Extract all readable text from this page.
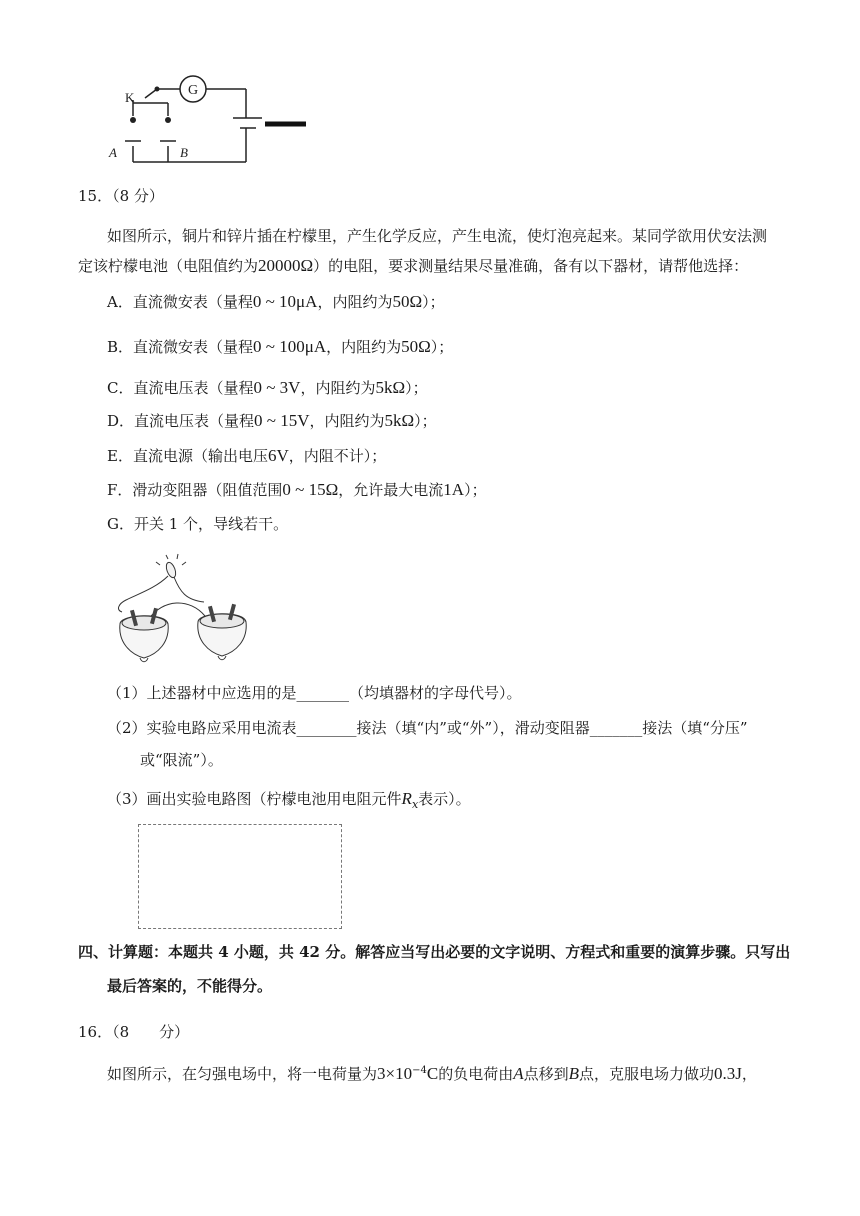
G
K
A	B
15．（8 分）
如图所示，铜片和锌片插在柠檬里，产生化学反应，产生电流，使灯泡亮起来。某同学欲用伏安法测
定该柠檬电池（电阻值约为20000Ω）的电阻，要求测量结果尽量准确，备有以下器材，请帮他选择：
A．直流微安表（量程0 ~ 10μA，内阻约为50Ω）；
B．直流微安表（量程0 ~ 100μA，内阻约为50Ω）；
C．直流电压表（量程0 ~ 3V，内阻约为5kΩ）；
D．直流电压表（量程0 ~ 15V，内阻约为5kΩ）；
E．直流电源（输出电压6V，内阻不计）；
F．滑动变阻器（阻值范围0 ~ 15Ω，允许最大电流1A）；
G．开关 1 个，导线若干。
（1）上述器材中应选用的是_______（均填器材的字母代号）。
（2）实验电路应采用电流表________接法（填“内”或“外”），滑动变阻器_______接法（填“分压”
或“限流”）。
（3）画出实验电路图（柠檬电池用电阻元件$R_x$表示）。
四、计算题：本题共 4 小题，共 42 分。解答应当写出必要的文字说明、方程式和重要的演算步骤。只写出
最后答案的，不能得分。
16．（8　　分）
如图所示，在匀强电场中，将一电荷量为$3\times 10^{-4}C$的负电荷由A点移到B点，克服电场力做功0.3J，
